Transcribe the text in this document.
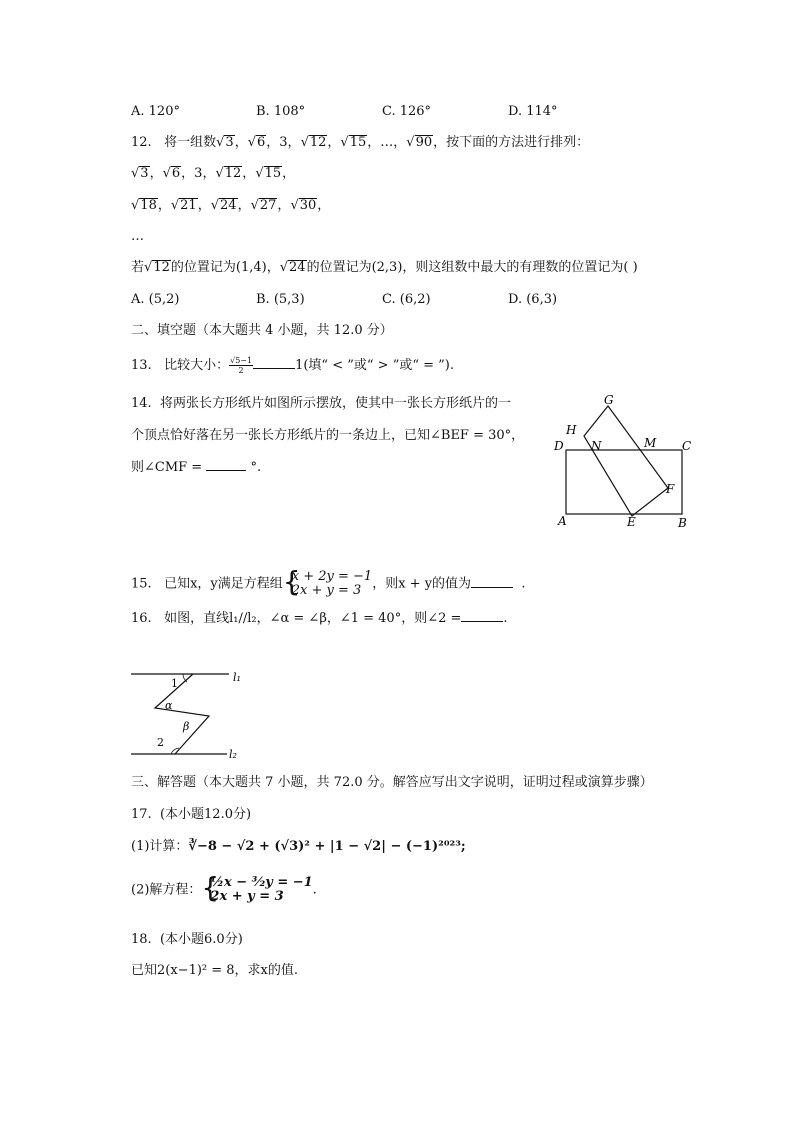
A. 120°	B. 108°	C. 126°	D. 114°
12. 将一组数√3，√6，3，√12，√15，…，√90，按下面的方法进行排列：
√3，√6，3，√12，√15，
√18，√21，√24，√27，√30，
…
若√12的位置记为(1,4)，√24的位置记为(2,3)，则这组数中最大的有理数的位置记为( )
A. (5,2)	B. (5,3)	C. (6,2)	D. (6,3)
二、填空题（本大题共 4 小题，共 12.0 分）
13. 比较大小： $\frac{√5-1}{2}$	1(填“ < ”或“ > ”或“ = ”).
14. 将两张长方形纸片如图所示摆放，使其中一张长方形纸片的一
个顶点恰好落在另一张长方形纸片的一条边上，已知∠BEF = 30°，
则∠CMF =	°.
G
H
D N	M C
F
A	E	B
15. 已知x，y满足方程组 {
x + 2y = −1
2x + y = 3 ，则x + y的值为	.
16. 如图，直线l₁//l₂，∠α = ∠β，∠1 = 40°，则∠2 =	.
l₁
l₂
1
α
β
2
三、解答题（本大题共 7 小题，共 72.0 分。解答应写出文字说明，证明过程或演算步骤）
17. (本小题12.0分)
(1)计算：∛−8 − √2 + (√3)² + |1 − √2| − (−1)²⁰²³;
(2)解方程： {
½x − ³⁄₂y = −1
2x + y = 3	.
18. (本小题6.0分)
已知2(x−1)² = 8，求x的值.
